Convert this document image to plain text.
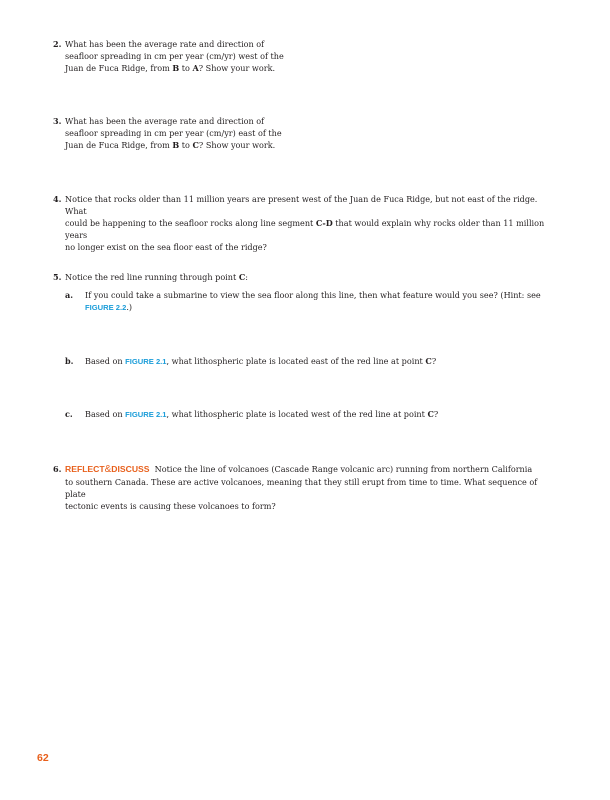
2. What has been the average rate and direction of
seafloor spreading in cm per year (cm/yr) west of the
Juan de Fuca Ridge, from B to A? Show your work.
3. What has been the average rate and direction of
seafloor spreading in cm per year (cm/yr) east of the
Juan de Fuca Ridge, from B to C? Show your work.
4. Notice that rocks older than 11 million years are present west of the Juan de Fuca Ridge, but not east of the ridge. What
could be happening to the seafloor rocks along line segment C-D that would explain why rocks older than 11 million years
no longer exist on the sea floor east of the ridge?
5. Notice the red line running through point C:
a. If you could take a submarine to view the sea floor along this line, then what feature would you see? (Hint: see
FIGURE 2.2.)
b. Based on FIGURE 2.1, what lithospheric plate is located east of the red line at point C?
c. Based on FIGURE 2.1, what lithospheric plate is located west of the red line at point C?
6. REFLECT&DISCUSS Notice the line of volcanoes (Cascade Range volcanic arc) running from northern California
to southern Canada. These are active volcanoes, meaning that they still erupt from time to time. What sequence of plate
tectonic events is causing these volcanoes to form?
62
